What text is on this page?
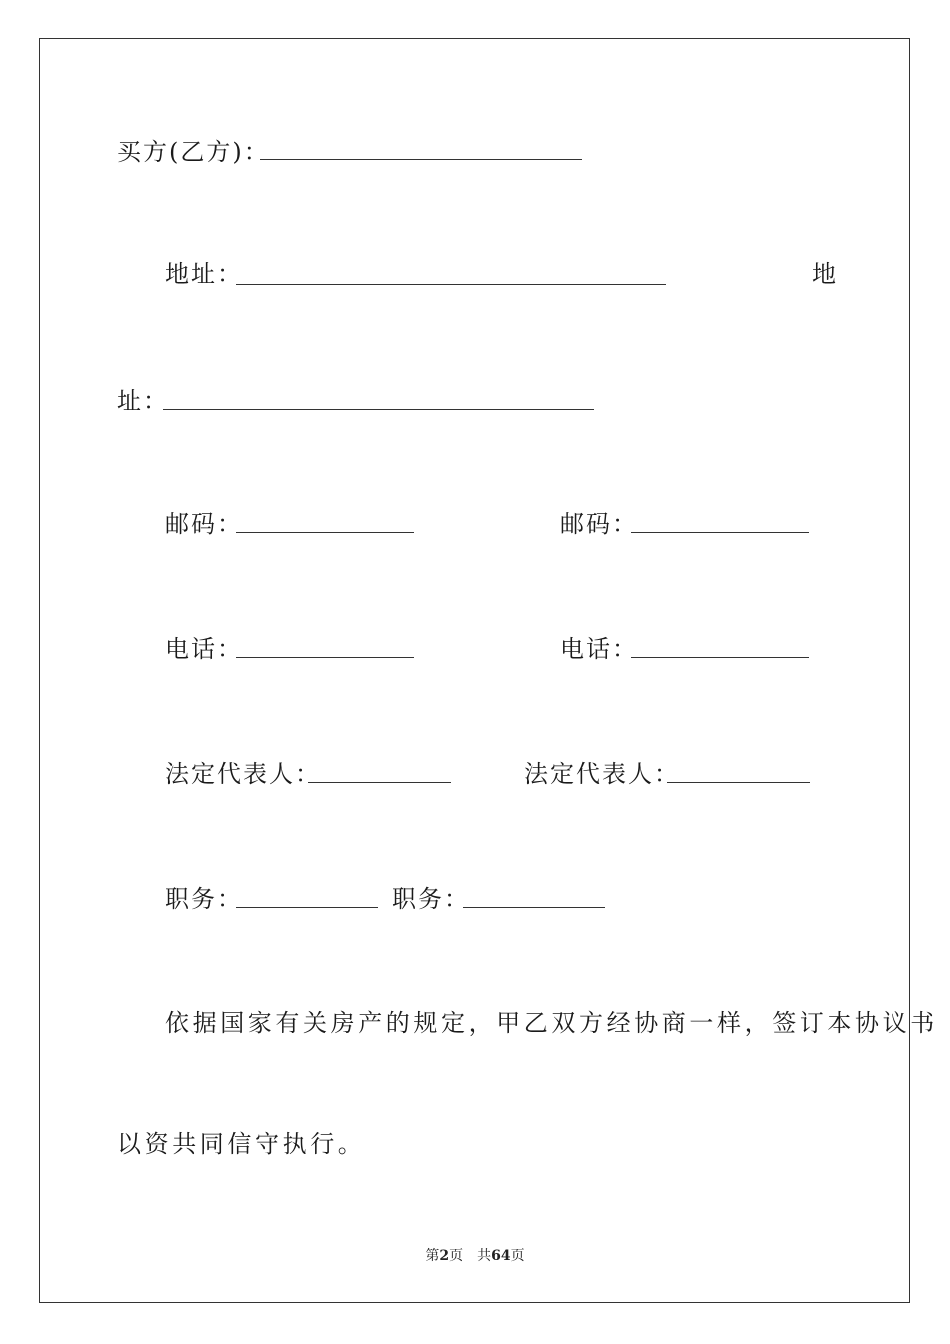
买方(乙方)：
地址：	地
址：
邮码：	邮码：
电话：	电话：
法定代表人：	法定代表人：
职务：	职务：
依据国家有关房产的规定，甲乙双方经协商一样，签订本协议书
以资共同信守执行。
第2页 共64页
